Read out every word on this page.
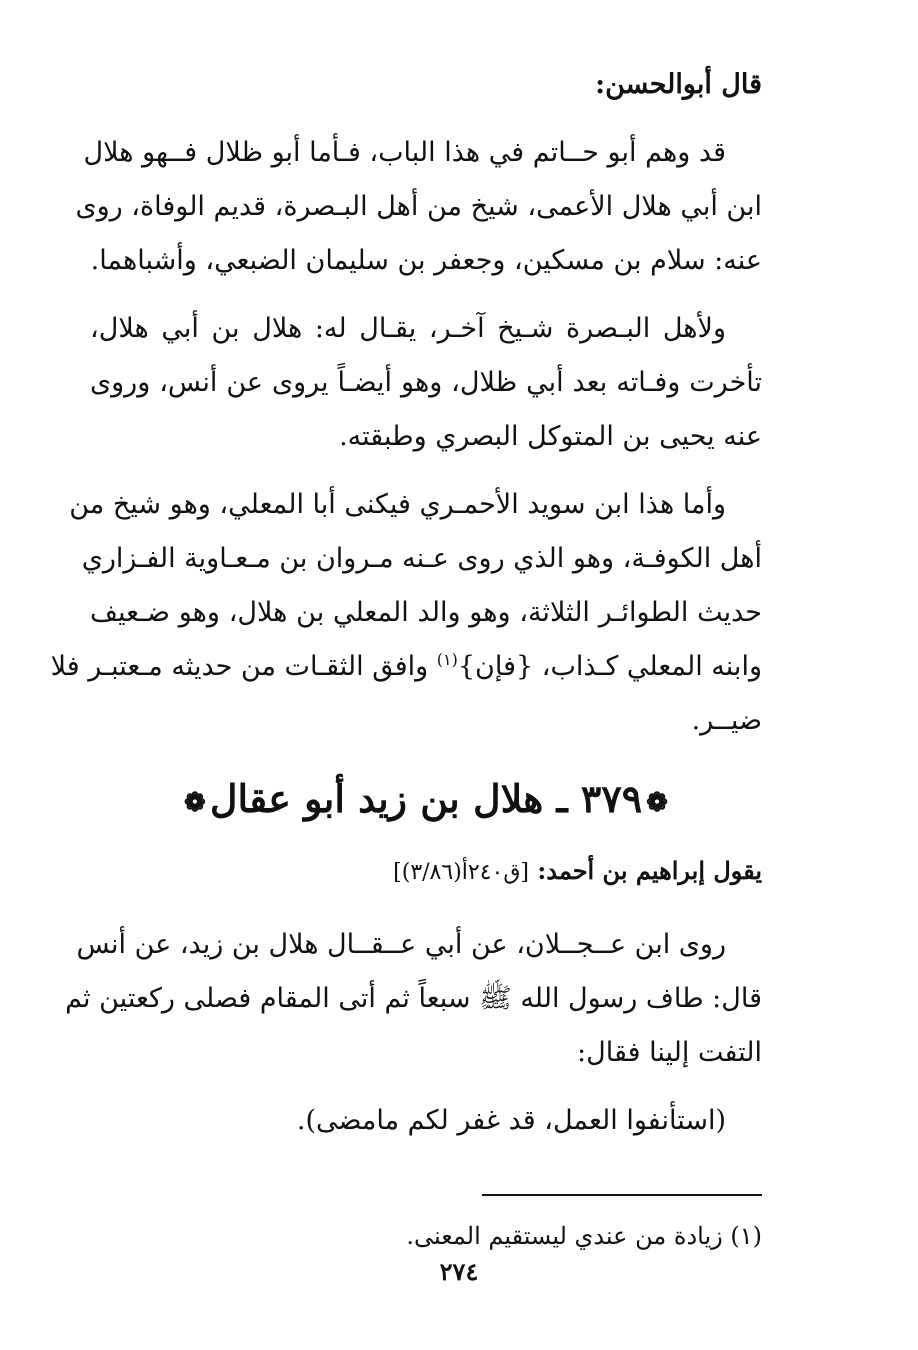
قال أبوالحسن:

قد وهم أبو حــاتم في هذا الباب، فـأما أبو ظلال فــهو هلال

ابن أبي هلال الأعمى، شيخ من أهل البـصرة، قديم الوفاة، روى

عنه: سلام بن مسكين، وجعفر بن سليمان الضبعي، وأشباهما.

ولأهل البـصرة شـيخ آخـر، يقـال له: هلال بن أبي هلال،

تأخرت وفـاته بعد أبي ظلال، وهو أيضـاً يروى عن أنس، وروى

عنه يحيى بن المتوكل البصري وطبقته.

وأما هذا ابن سويد الأحمـري فيكنى أبا المعلي، وهو شيخ من

أهل الكوفـة، وهو الذي روى عـنه مـروان بن مـعـاوية الفـزاري

حديث الطوائـر الثلاثة، وهو والد المعلي بن هلال، وهو ضـعيف

وابنه المعلي كـذاب، {فإن}$^{(١)}$ وافق الثقـات من حديثه مـعتبـر فلا

ضيــر.

❁٣٧٩ ـ هلال بن زيد أبو عقال❁
يقول إبراهيم بن أحمد: [ق٢٤٠أ(٣/٨٦)]

روى ابن عــجــلان، عن أبي عــقــال هلال بن زيد، عن أنس

قال: طاف رسول الله ﷺ سبعاً ثم أتى المقام فصلى ركعتين ثم

التفت إلينا فقال:

(استأنفوا العمل، قد غفر لكم مامضى).

(١) زيادة من عندي ليستقيم المعنى.
٢٧٤
